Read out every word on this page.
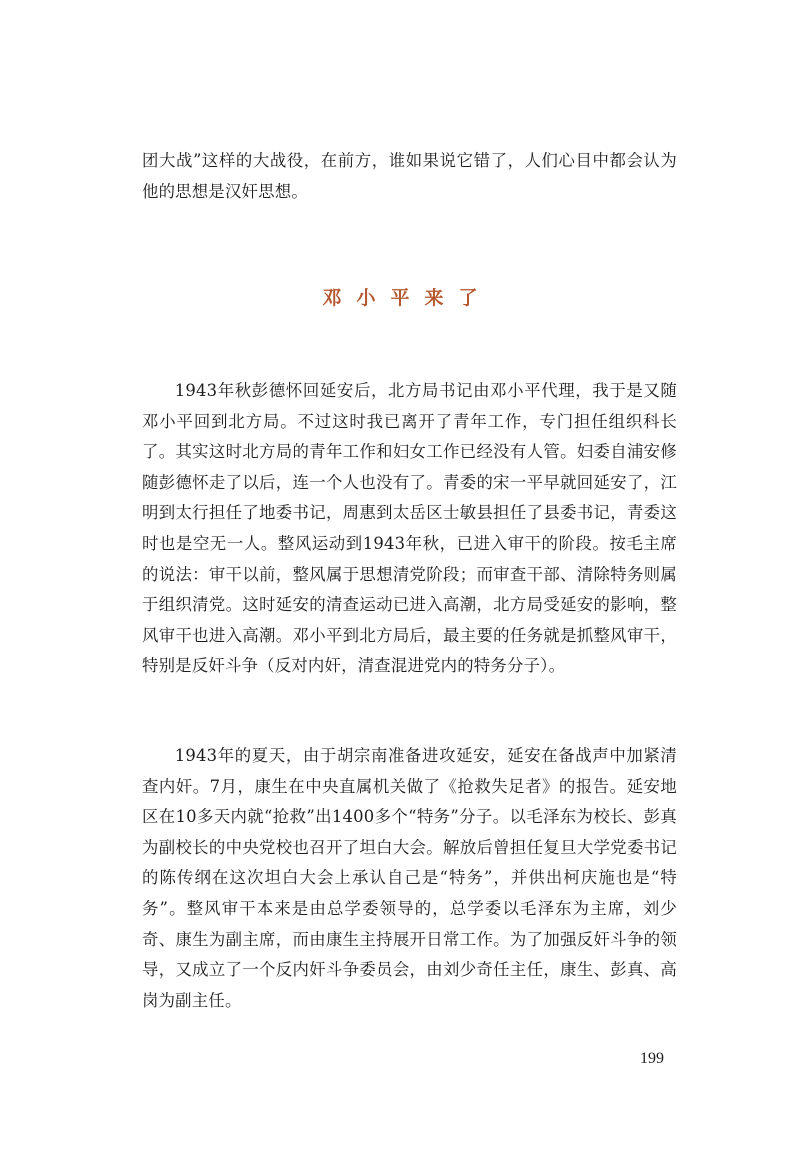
团大战”这样的大战役，在前方，谁如果说它错了，人们心目中都会认为他的思想是汉奸思想。

邓小平来了

1943年秋彭德怀回延安后，北方局书记由邓小平代理，我于是又随邓小平回到北方局。不过这时我已离开了青年工作，专门担任组织科长了。其实这时北方局的青年工作和妇女工作已经没有人管。妇委自浦安修随彭德怀走了以后，连一个人也没有了。青委的宋一平早就回延安了，江明到太行担任了地委书记，周惠到太岳区士敏县担任了县委书记，青委这时也是空无一人。整风运动到1943年秋，已进入审干的阶段。按毛主席的说法：审干以前，整风属于思想清党阶段；而审查干部、清除特务则属于组织清党。这时延安的清查运动已进入高潮，北方局受延安的影响，整风审干也进入高潮。邓小平到北方局后，最主要的任务就是抓整风审干，特别是反奸斗争（反对内奸，清查混进党内的特务分子）。

1943年的夏天，由于胡宗南准备进攻延安，延安在备战声中加紧清查内奸。7月，康生在中央直属机关做了《抢救失足者》的报告。延安地区在10多天内就“抢救”出1400多个“特务”分子。以毛泽东为校长、彭真为副校长的中央党校也召开了坦白大会。解放后曾担任复旦大学党委书记的陈传纲在这次坦白大会上承认自己是“特务”，并供出柯庆施也是“特务”。整风审干本来是由总学委领导的，总学委以毛泽东为主席，刘少奇、康生为副主席，而由康生主持展开日常工作。为了加强反奸斗争的领导，又成立了一个反内奸斗争委员会，由刘少奇任主任，康生、彭真、高岗为副主任。

199
